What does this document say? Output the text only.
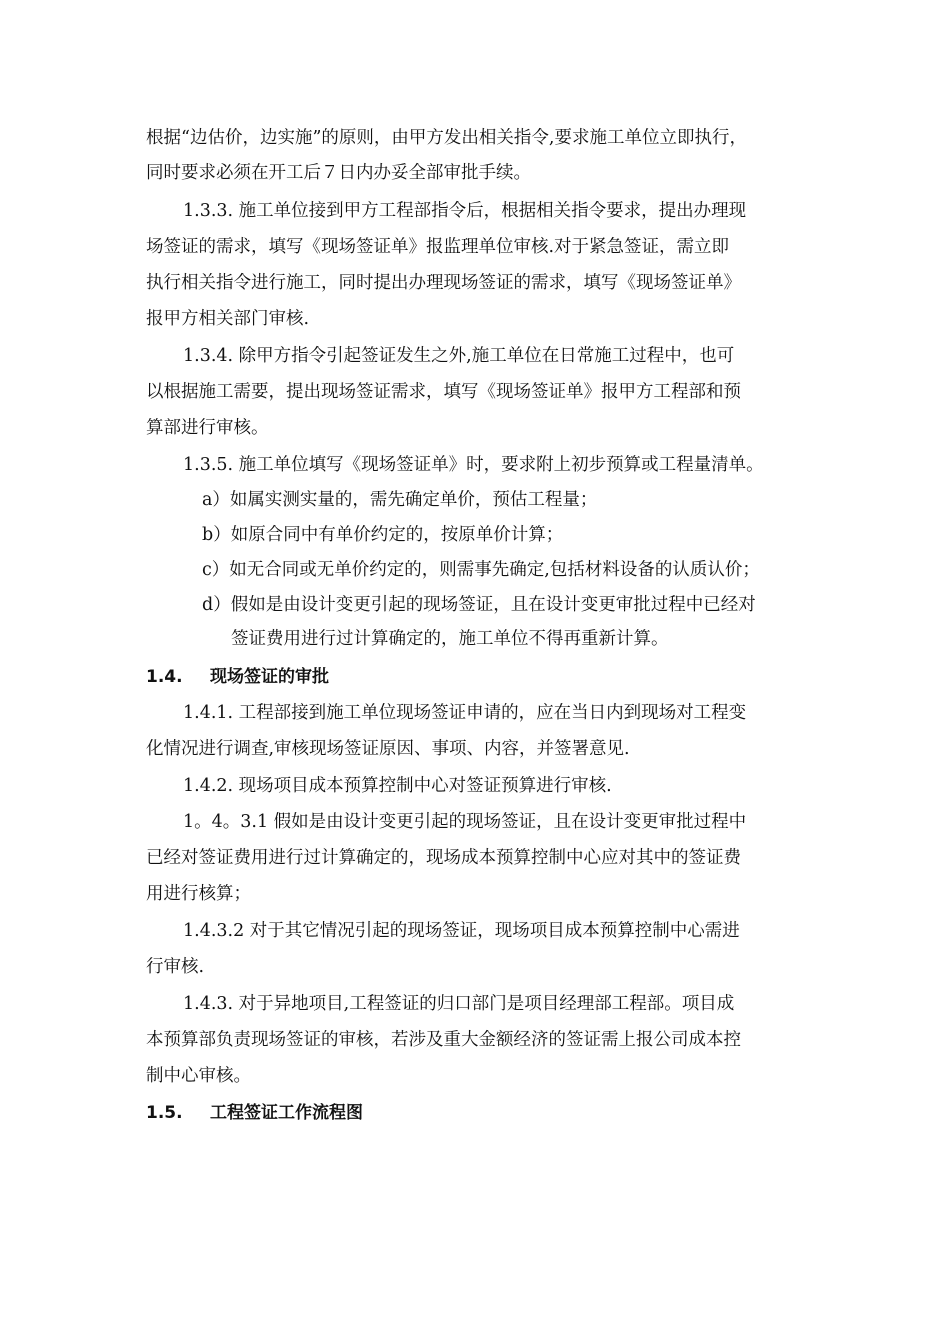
根据“边估价，边实施”的原则，由甲方发出相关指令,要求施工单位立即执行，
同时要求必须在开工后７日内办妥全部审批手续。
1.3.3. 施工单位接到甲方工程部指令后，根据相关指令要求，提出办理现
场签证的需求，填写《现场签证单》报监理单位审核.对于紧急签证，需立即
执行相关指令进行施工，同时提出办理现场签证的需求，填写《现场签证单》
报甲方相关部门审核.
1.3.4. 除甲方指令引起签证发生之外,施工单位在日常施工过程中，也可
以根据施工需要，提出现场签证需求，填写《现场签证单》报甲方工程部和预
算部进行审核。
1.3.5. 施工单位填写《现场签证单》时，要求附上初步预算或工程量清单。
a）如属实测实量的，需先确定单价，预估工程量；
b）如原合同中有单价约定的，按原单价计算；
c）如无合同或无单价约定的，则需事先确定,包括材料设备的认质认价；
d）假如是由设计变更引起的现场签证，且在设计变更审批过程中已经对
签证费用进行过计算确定的，施工单位不得再重新计算。
1.4. 现场签证的审批
1.4.1. 工程部接到施工单位现场签证申请的，应在当日内到现场对工程变
化情况进行调查,审核现场签证原因、事项、内容，并签署意见.
1.4.2. 现场项目成本预算控制中心对签证预算进行审核.
1。4。3.1 假如是由设计变更引起的现场签证，且在设计变更审批过程中
已经对签证费用进行过计算确定的，现场成本预算控制中心应对其中的签证费
用进行核算；
1.4.3.2 对于其它情况引起的现场签证，现场项目成本预算控制中心需进
行审核.
1.4.3. 对于异地项目,工程签证的归口部门是项目经理部工程部。项目成
本预算部负责现场签证的审核，若涉及重大金额经济的签证需上报公司成本控
制中心审核。
1.5. 工程签证工作流程图
